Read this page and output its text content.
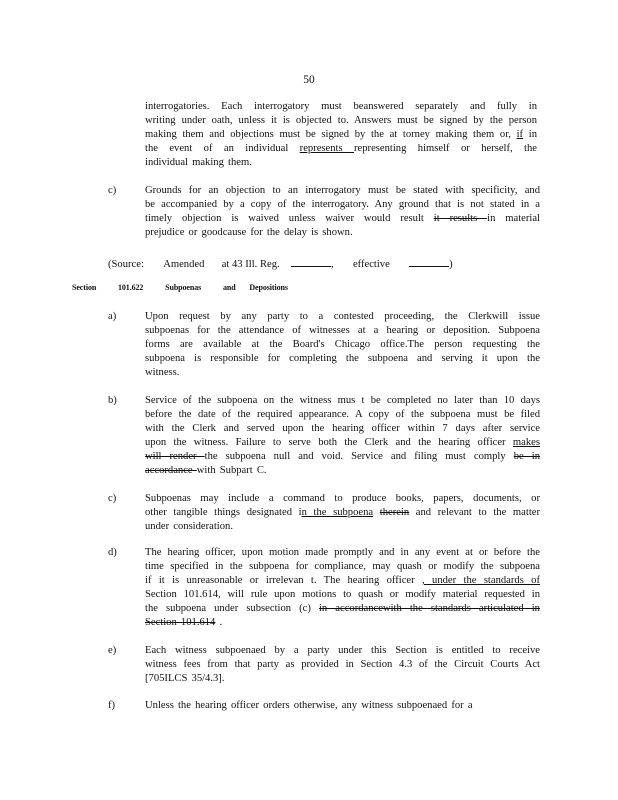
50
interrogatories. Each interrogatory must beanswered separately and fully in
writing under oath, unless it is objected to. Answers must be signed by the person
making them and objections must be signed by the at torney making them or, if in
the event of an individual represents representing himself or herself, the
individual making them.
c)	Grounds for an objection to an interrogatory must be stated with specificity, and
be accompanied by a copy of the interrogatory. Any ground that is not stated in a
timely objection is waived unless waiver would result it results in material
prejudice or goodcause for the delay is shown.
(Source: Amended at 43 Ill. Reg.	, effective	)
Section	101.622	Subpoenas	and Depositions
a)	Upon request by any party to a contested proceeding, the Clerkwill issue
subpoenas for the attendance of witnesses at a hearing or deposition. Subpoena
forms are available at the Board's Chicago office.The person requesting the
subpoena is responsible for completing the subpoena and serving it upon the
witness.
b)	Service of the subpoena on the witness mus t be completed no later than 10 days
before the date of the required appearance. A copy of the subpoena must be filed
with the Clerk and served upon the hearing officer within 7 days after service
upon the witness. Failure to serve both the Clerk and the hearing officer makes
will render the subpoena null and void. Service and filing must comply be in
accordance with Subpart C.
c)	Subpoenas may include a command to produce books, papers, documents, or
other tangible things designated in the subpoena therein and relevant to the matter
under consideration.
d)	The hearing officer, upon motion made promptly and in any event at or before the
time specified in the subpoena for compliance, may quash or modify the subpoena
if it is unreasonable or irrelevan t. The hearing officer , under the standards of
Section 101.614, will rule upon motions to quash or modify material requested in
the subpoena under subsection (c) in accordancewith the standards articulated in
Section 101.614 .
e)	Each witness subpoenaed by a party under this Section is entitled to receive
witness fees from that party as provided in Section 4.3 of the Circuit Courts Act
[705ILCS 35/4.3].
f)	Unless the hearing officer orders otherwise, any witness subpoenaed for a
